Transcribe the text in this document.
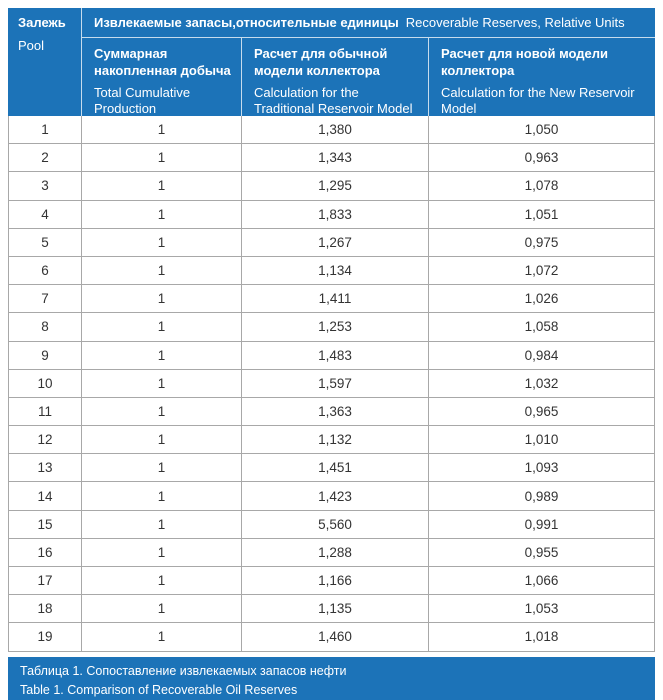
Залежь
Pool
Извлекаемые запасы,относительные единицы Recoverable Reserves, Relative Units
Суммарная накопленная добыча
Total Cumulative Production
Расчет для обычной модели коллектора
Calculation for the Traditional Reservoir Model
Расчет для новой модели коллектора
Calculation for the New Reservoir Model
1	1	1,380	1,050
2	1	1,343	0,963
3	1	1,295	1,078
4	1	1,833	1,051
5	1	1,267	0,975
6	1	1,134	1,072
7	1	1,411	1,026
8	1	1,253	1,058
9	1	1,483	0,984
10	1	1,597	1,032
11	1	1,363	0,965
12	1	1,132	1,010
13	1	1,451	1,093
14	1	1,423	0,989
15	1	5,560	0,991
16	1	1,288	0,955
17	1	1,166	1,066
18	1	1,135	1,053
19	1	1,460	1,018
Таблица 1. Сопоставление извлекаемых запасов нефти
Table 1. Comparison of Recoverable Oil Reserves
